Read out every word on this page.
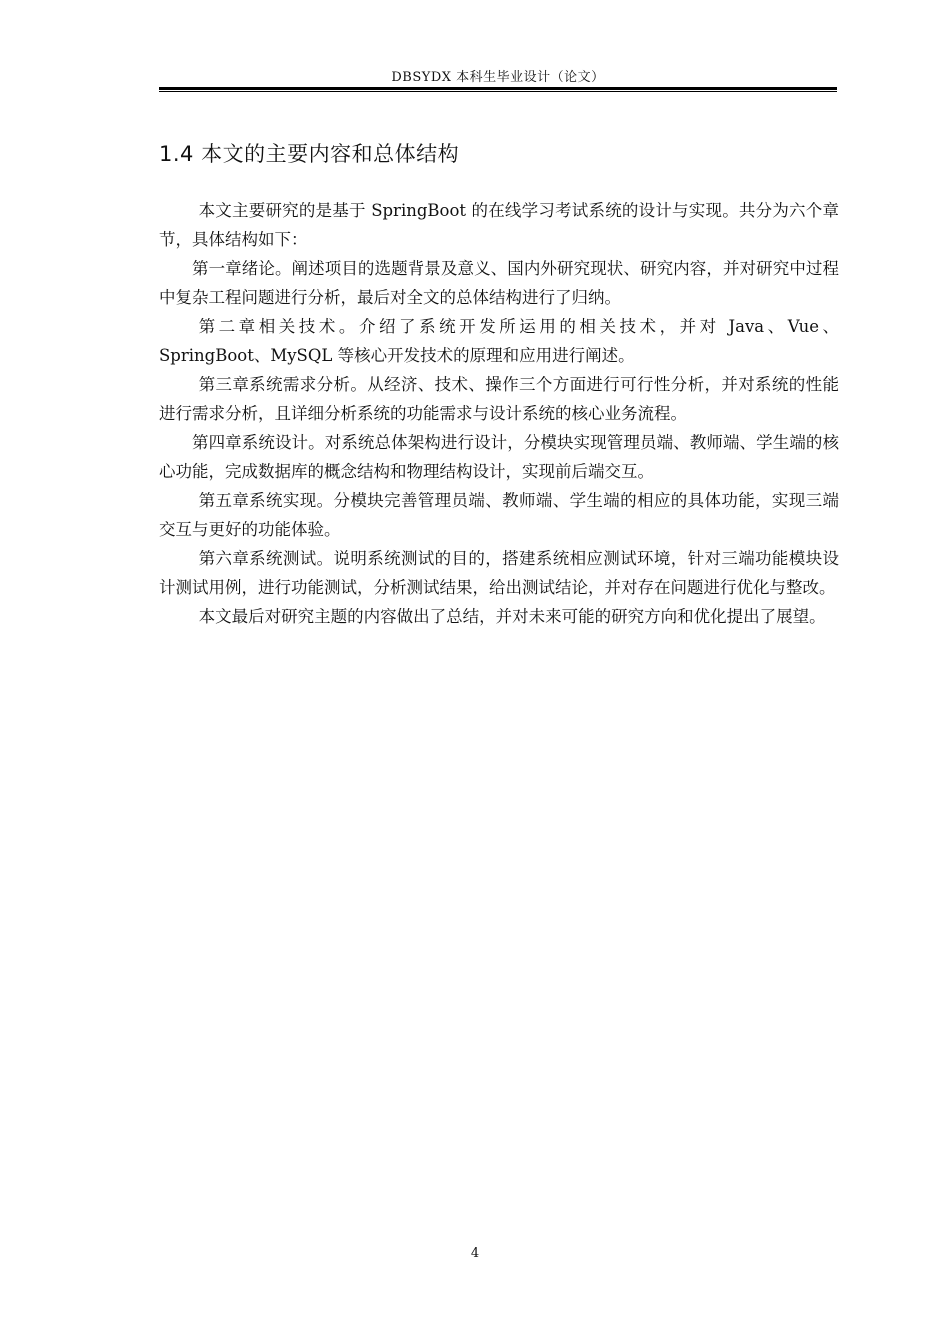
DBSYDX 本科生毕业设计（论文）
1.4 本文的主要内容和总体结构

本文主要研究的是基于 SpringBoot 的在线学习考试系统的设计与实现。共分为六个章节，具体结构如下：

第一章绪论。阐述项目的选题背景及意义、国内外研究现状、研究内容，并对研究中过程中复杂工程问题进行分析，最后对全文的总体结构进行了归纳。

第二章相关技术。介绍了系统开发所运用的相关技术，并对 Java、Vue、SpringBoot、MySQL 等核心开发技术的原理和应用进行阐述。

第三章系统需求分析。从经济、技术、操作三个方面进行可行性分析，并对系统的性能进行需求分析，且详细分析系统的功能需求与设计系统的核心业务流程。

第四章系统设计。对系统总体架构进行设计，分模块实现管理员端、教师端、学生端的核心功能，完成数据库的概念结构和物理结构设计，实现前后端交互。

第五章系统实现。分模块完善管理员端、教师端、学生端的相应的具体功能，实现三端交互与更好的功能体验。

第六章系统测试。说明系统测试的目的，搭建系统相应测试环境，针对三端功能模块设计测试用例，进行功能测试，分析测试结果，给出测试结论，并对存在问题进行优化与整改。

本文最后对研究主题的内容做出了总结，并对未来可能的研究方向和优化提出了展望。

4
